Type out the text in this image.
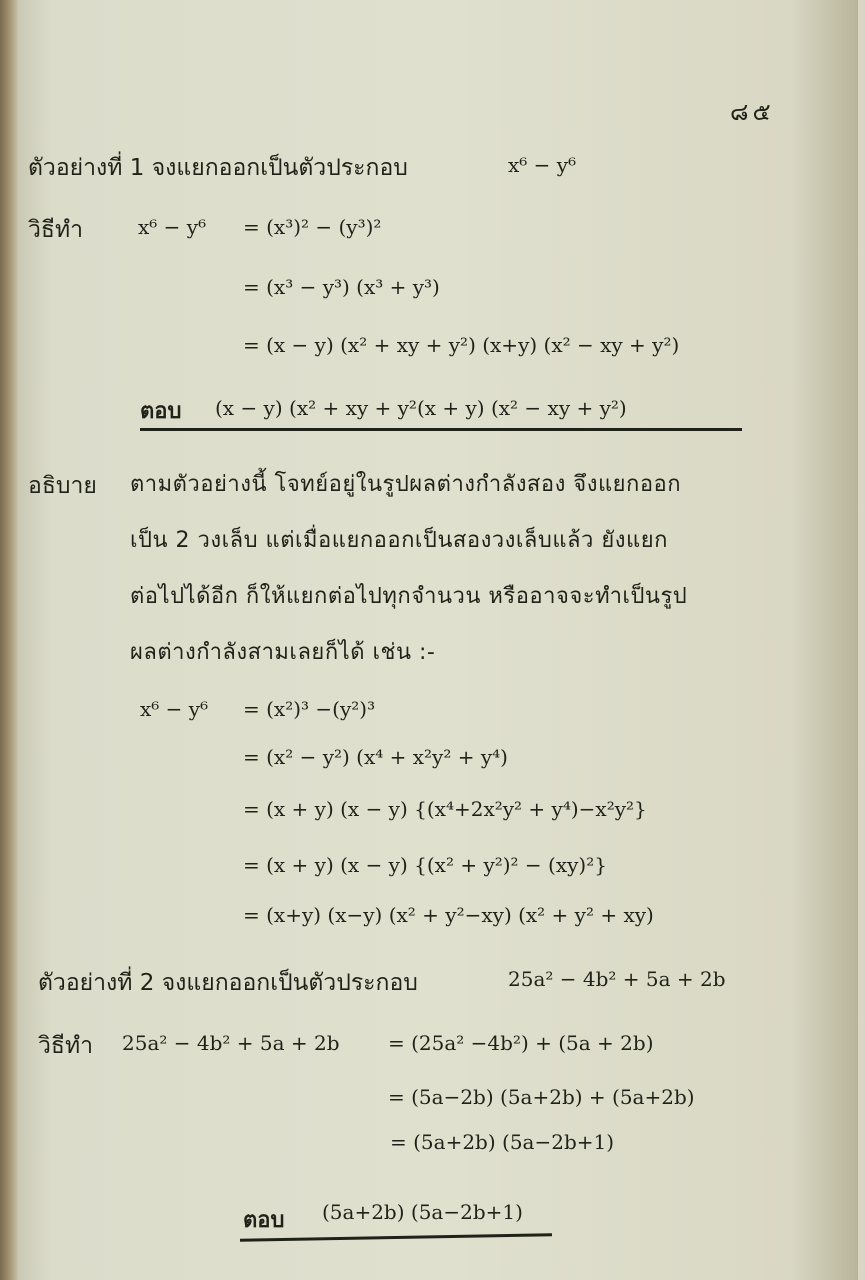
๘๕
ตัวอย่างที่ 1 จงแยกออกเป็นตัวประกอบ	x⁶ − y⁶
วิธีทำ	x⁶ − y⁶ = (x³)² − (y³)²
= (x³ − y³) (x³ + y³)
= (x − y) (x² + xy + y²) (x+y) (x² − xy + y²)
ตอบ (x − y) (x² + xy + y²(x + y) (x² − xy + y²)
อธิบาย ตามตัวอย่างนี้ โจทย์อยู่ในรูปผลต่างกำลังสอง จึงแยกออก
เป็น 2 วงเล็บ แต่เมื่อแยกออกเป็นสองวงเล็บแล้ว ยังแยก
ต่อไปได้อีก ก็ให้แยกต่อไปทุกจำนวน หรืออาจจะทำเป็นรูป
ผลต่างกำลังสามเลยก็ได้ เช่น :-
x⁶ − y⁶ = (x²)³ −(y²)³
= (x² − y²) (x⁴ + x²y² + y⁴)
= (x + y) (x − y) {(x⁴+2x²y² + y⁴)−x²y²}
= (x + y) (x − y) {(x² + y²)² − (xy)²}
= (x+y) (x−y) (x² + y²−xy) (x² + y² + xy)
ตัวอย่างที่ 2 จงแยกออกเป็นตัวประกอบ	25a² − 4b² + 5a + 2b
วิธีทำ 25a² − 4b² + 5a + 2b = (25a² −4b²) + (5a + 2b)
= (5a−2b) (5a+2b) + (5a+2b)
= (5a+2b) (5a−2b+1)
ตอบ (5a+2b) (5a−2b+1)
